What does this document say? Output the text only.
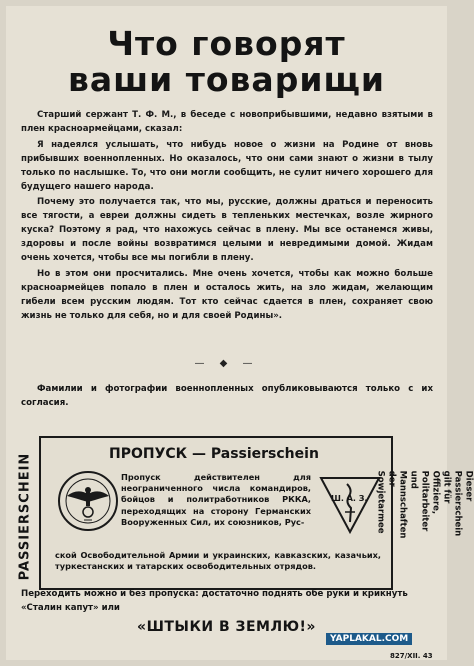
Что говорят
ваши товарищи

Старший сержант Т. Ф. М., в беседе с новоприбывшими, недавно взятыми в плен красноармейцами, сказал:

Я надеялся услышать, что нибудь новое о жизни на Родине от вновь прибывших военнопленных. Но оказалось, что они сами знают о жизни в тылу только по наслышке. То, что они могли сообщить, не сулит ничего хорошего для будущего нашего народа.

Почему это получается так, что мы, русские, должны драться и переносить все тягости, а евреи должны сидеть в тепленьких местечках, возле жирного куска? Поэтому я рад, что нахожусь сейчас в плену. Мы все останемся живы, здоровы и после войны возвратимся целыми и невредимыми домой. Жидам очень хочется, чтобы все мы погибли в плену.

Но в этом они просчитались. Мне очень хочется, чтобы как можно больше красноармейцев попало в плен и осталось жить, на зло жидам, желающим гибели всем русским людям. Тот кто сейчас сдается в плен, сохраняет свою жизнь не только для себя, но и для своей Родины».

— ◆ —
Фамилии и фотографии военнопленных опубликовываются только с их согласия.
PASSIERSCHEIN	ПРОПУСК — Passierschein
Пропуск действителен для неограниченного числа командиров, бойцов и политработников РККА, переходящих на сторону Германских Вооруженных Сил, их союзников, Рус-
Ш. А. З.
ской Освободительной Армии и украинских, кавказских, казачьих, туркестанских и татарских освободительных отрядов.
Dieser Passierschein gilt für Offiziere, Politarbeiter und Mannschaften der Sowjetarmee
Переходить можно и без пропуска: достаточно поднять обе руки и крикнуть
«Сталин капут» или
«ШТЫКИ В ЗЕМЛЮ!»
YAPLAKAL.COM
827/XII. 43
